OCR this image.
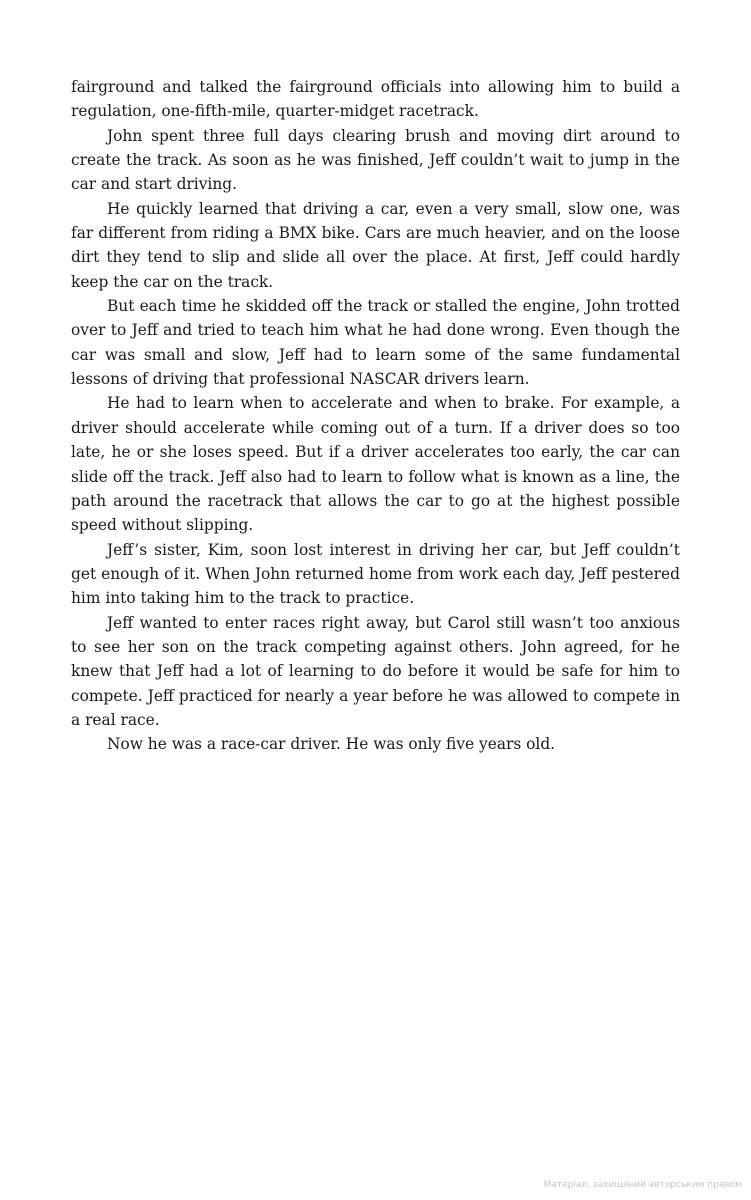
fairground and talked the fairground officials into allowing him to build a regulation, one-fifth-mile, quarter-midget racetrack.

John spent three full days clearing brush and moving dirt around to create the track. As soon as he was finished, Jeff couldn’t wait to jump in the car and start driving.

He quickly learned that driving a car, even a very small, slow one, was far different from riding a BMX bike. Cars are much heavier, and on the loose dirt they tend to slip and slide all over the place. At first, Jeff could hardly keep the car on the track.

But each time he skidded off the track or stalled the engine, John trotted over to Jeff and tried to teach him what he had done wrong. Even though the car was small and slow, Jeff had to learn some of the same fundamental lessons of driving that professional NASCAR drivers learn.

He had to learn when to accelerate and when to brake. For example, a driver should accelerate while coming out of a turn. If a driver does so too late, he or she loses speed. But if a driver accelerates too early, the car can slide off the track. Jeff also had to learn to follow what is known as a line, the path around the racetrack that allows the car to go at the highest possible speed without slipping.

Jeff’s sister, Kim, soon lost interest in driving her car, but Jeff couldn’t get enough of it. When John returned home from work each day, Jeff pestered him into taking him to the track to practice.

Jeff wanted to enter races right away, but Carol still wasn’t too anxious to see her son on the track competing against others. John agreed, for he knew that Jeff had a lot of learning to do before it would be safe for him to compete. Jeff practiced for nearly a year before he was allowed to compete in a real race.

Now he was a race-car driver. He was only five years old.

Матеріал, захищений авторським правом
